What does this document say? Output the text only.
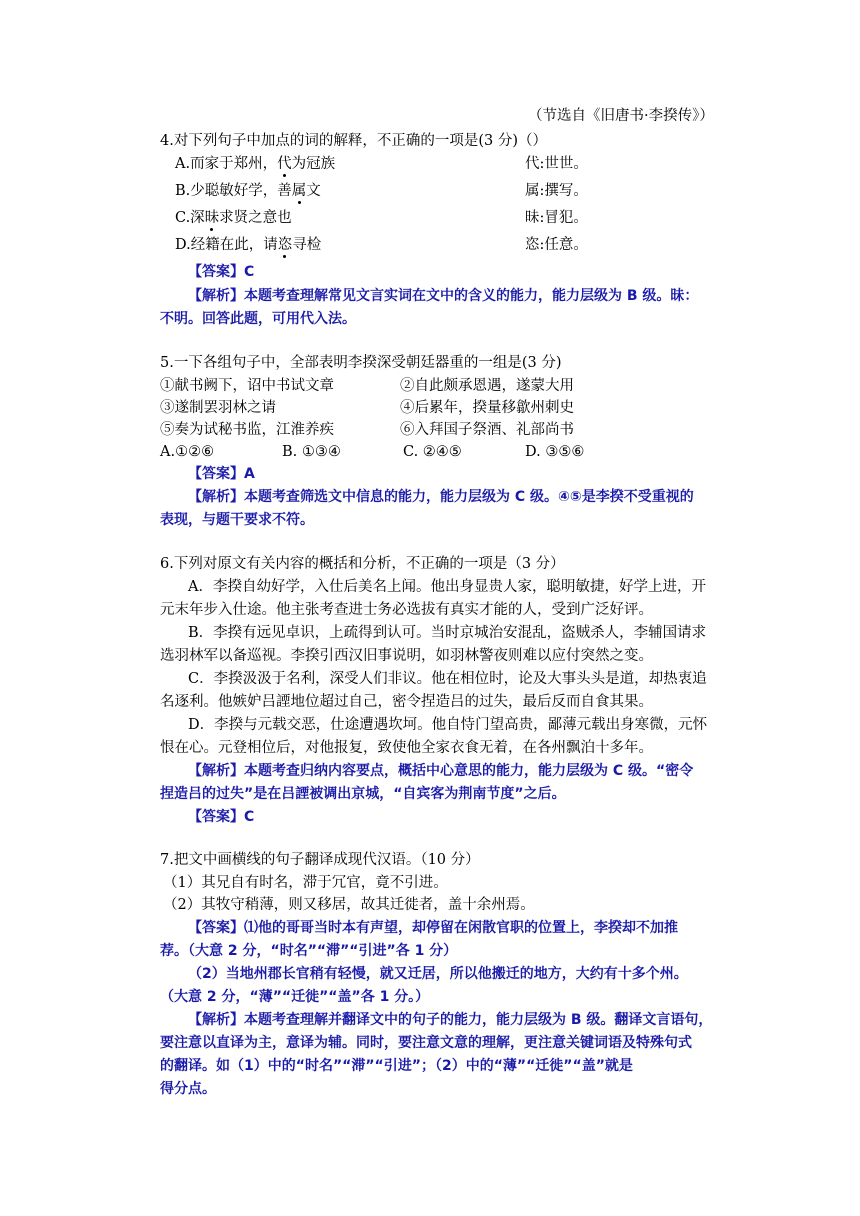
（节选自《旧唐书·李揆传》）
4.对下列句子中加点的词的解释，不正确的一项是(3 分)（）
A.而家于郑州，代为冠族	代:世世。
B.少聪敏好学，善属文	属:撰写。
C.深昧求贤之意也	昧:冒犯。
D.经籍在此，请恣寻检	恣:任意。
【答案】C
【解析】本题考查理解常见文言实词在文中的含义的能力，能力层级为 B 级。昧：
不明。回答此题，可用代入法。
5.一下各组句子中，全部表明李揆深受朝廷器重的一组是(3 分)
①献书阙下，诏中书试文章	②自此颇承恩遇，遂蒙大用
③遂制罢羽林之请	④后累年，揆量移歙州刺史
⑤奏为试秘书监，江淮养疾	⑥入拜国子祭酒、礼部尚书
A.①②⑥	B. ①③④	C. ②④⑤	D. ③⑤⑥
【答案】A
【解析】本题考查筛选文中信息的能力，能力层级为 C 级。④⑤是李揆不受重视的
表现，与题干要求不符。
6.下列对原文有关内容的概括和分析，不正确的一项是（3 分）
A．李揆自幼好学，入仕后美名上闻。他出身显贵人家，聪明敏捷，好学上进，开
元末年步入仕途。他主张考查进士务必选拔有真实才能的人，受到广泛好评。
B．李揆有远见卓识，上疏得到认可。当时京城治安混乱，盗贼杀人，李辅国请求
选羽林军以备巡视。李揆引西汉旧事说明，如羽林警夜则难以应付突然之变。
C．李揆汲汲于名利，深受人们非议。他在相位时，论及大事头头是道，却热衷追
名逐利。他嫉妒吕諲地位超过自己，密令捏造吕的过失，最后反而自食其果。
D．李揆与元载交恶，仕途遭遇坎坷。他自恃门望高贵，鄙薄元载出身寒微，元怀
恨在心。元登相位后，对他报复，致使他全家衣食无着，在各州飘泊十多年。
【解析】本题考查归纳内容要点，概括中心意思的能力，能力层级为 C 级。“密令
捏造吕的过失”是在吕諲被调出京城，“自宾客为荆南节度”之后。
【答案】C
7.把文中画横线的句子翻译成现代汉语。（10 分）
（1）其兄自有时名，滞于冗官，竟不引进。
（2）其牧守稍薄，则又移居，故其迁徙者，盖十余州焉。
【答案】⑴他的哥哥当时本有声望，却停留在闲散官职的位置上，李揆却不加推
荐。（大意 2 分，“时名”“滞”“引进”各 1 分）
（2）当地州郡长官稍有轻慢，就又迁居，所以他搬迁的地方，大约有十多个州。
（大意 2 分，“薄”“迁徙”“盖”各 1 分。）
【解析】本题考查理解并翻译文中的句子的能力，能力层级为 B 级。翻译文言语句，
要注意以直译为主，意译为辅。同时，要注意文意的理解，更注意关键词语及特殊句式
的翻译。如（1）中的“时名”“滞”“引进”；（2）中的“薄”“迁徙”“盖”就是
得分点。
